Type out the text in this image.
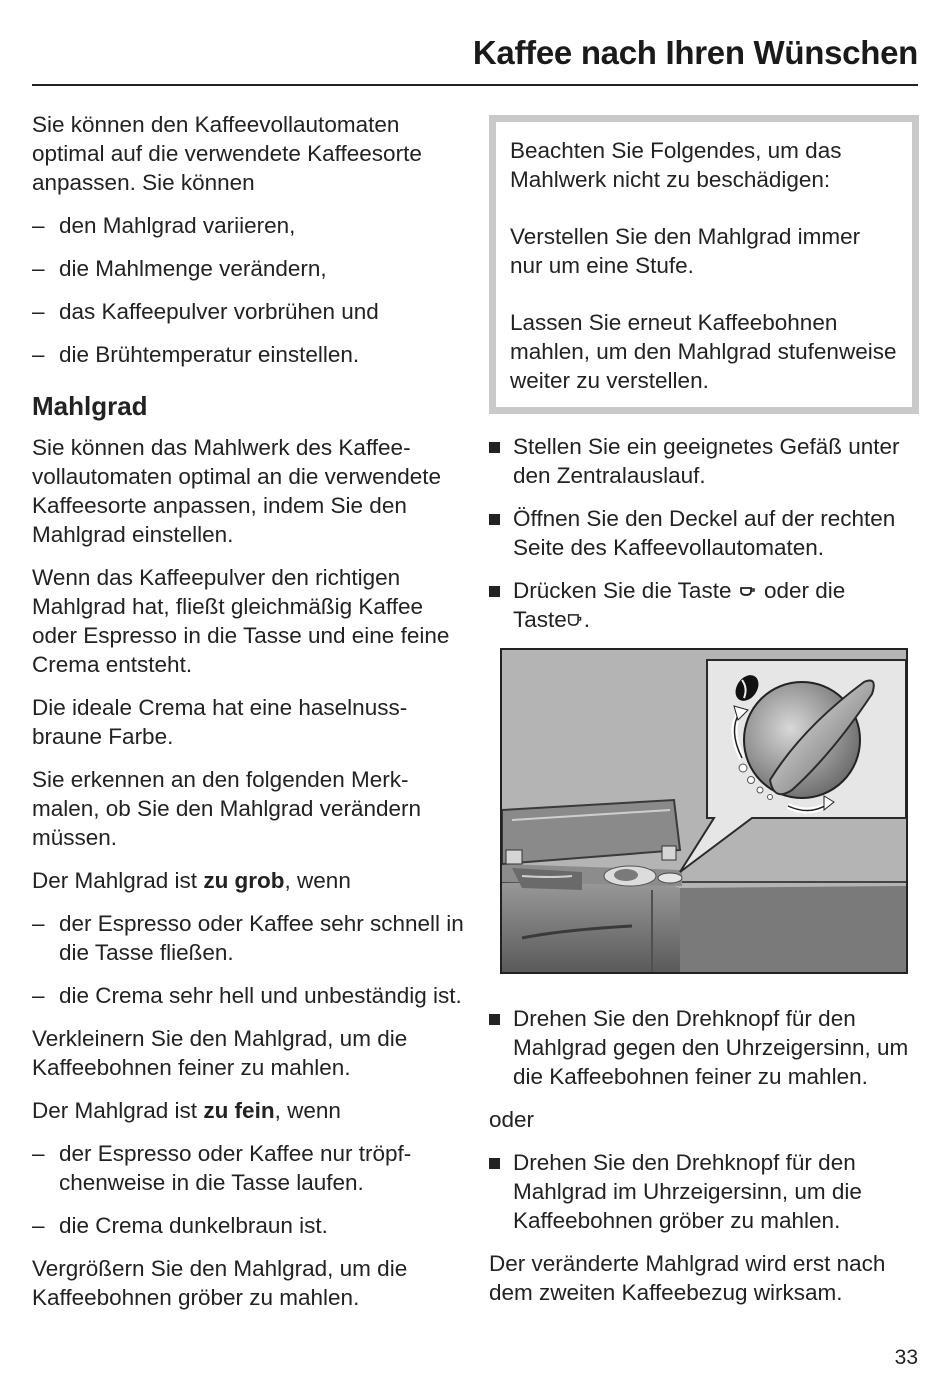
Kaffee nach Ihren Wünschen

Sie können den Kaffeevollautomaten optimal auf die verwendete Kaffeesorte anpassen. Sie können

– den Mahlgrad variieren,
– die Mahlmenge verändern,
– das Kaffeepulver vorbrühen und
– die Brühtemperatur einstellen.
Mahlgrad

Sie können das Mahlwerk des Kaffeevollautomaten optimal an die verwendete Kaffeesorte anpassen, indem Sie den Mahlgrad einstellen.

Wenn das Kaffeepulver den richtigen Mahlgrad hat, fließt gleichmäßig Kaffee oder Espresso in die Tasse und eine feine Crema entsteht.

Die ideale Crema hat eine haselnussbraune Farbe.

Sie erkennen an den folgenden Merkmalen, ob Sie den Mahlgrad verändern müssen.

Der Mahlgrad ist zu grob, wenn

– der Espresso oder Kaffee sehr schnell in die Tasse fließen.
– die Crema sehr hell und unbeständig ist.

Verkleinern Sie den Mahlgrad, um die Kaffeebohnen feiner zu mahlen.

Der Mahlgrad ist zu fein, wenn

– der Espresso oder Kaffee nur tröpfchenweise in die Tasse laufen.
– die Crema dunkelbraun ist.

Vergrößern Sie den Mahlgrad, um die Kaffeebohnen gröber zu mahlen.

Beachten Sie Folgendes, um das Mahlwerk nicht zu beschädigen:

Verstellen Sie den Mahlgrad immer nur um eine Stufe.

Lassen Sie erneut Kaffeebohnen mahlen, um den Mahlgrad stufenweise weiter zu verstellen.

Stellen Sie ein geeignetes Gefäß unter den Zentralauslauf.
Öffnen Sie den Deckel auf der rechten Seite des Kaffeevollautomaten.
Drücken Sie die Taste oder die
Taste .
Drehen Sie den Drehknopf für den Mahlgrad gegen den Uhrzeigersinn, um die Kaffeebohnen feiner zu mahlen.

oder

Drehen Sie den Drehknopf für den Mahlgrad im Uhrzeigersinn, um die Kaffeebohnen gröber zu mahlen.

Der veränderte Mahlgrad wird erst nach dem zweiten Kaffeebezug wirksam.

33
